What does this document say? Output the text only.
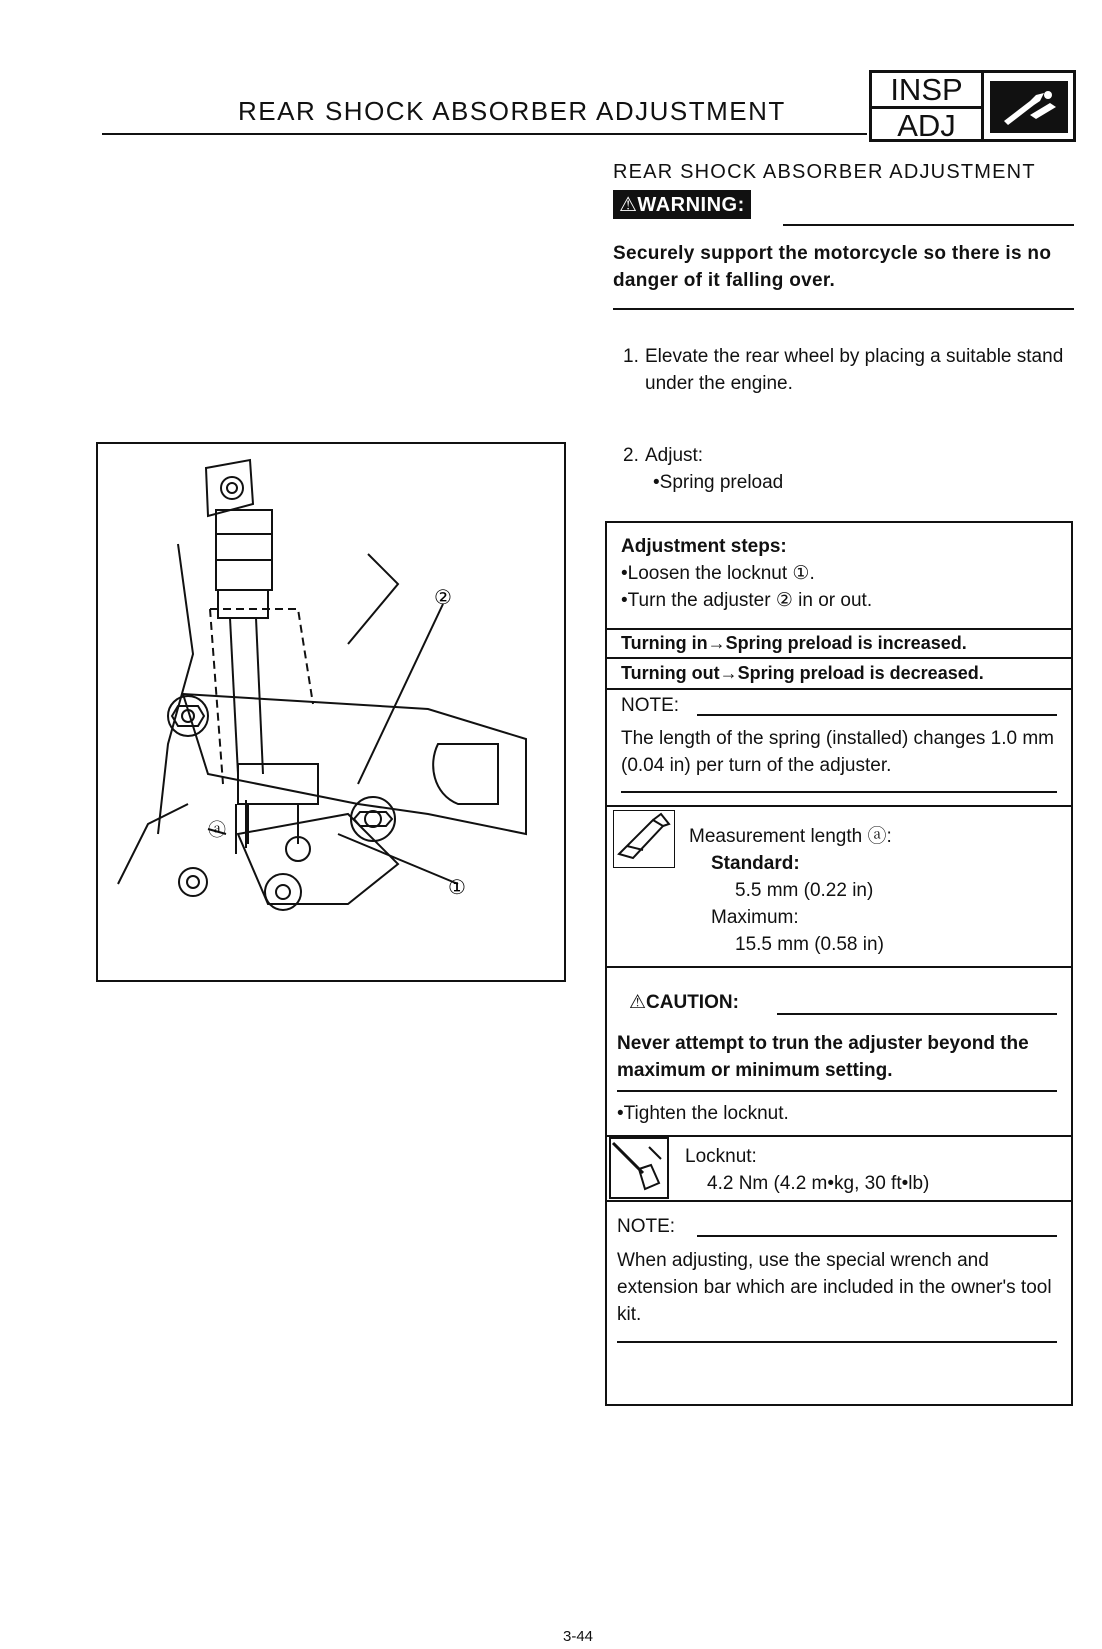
REAR SHOCK ABSORBER ADJUSTMENT
INSP
ADJ
REAR SHOCK ABSORBER ADJUSTMENT
⚠WARNING:
Securely support the motorcycle so there is no danger of it falling over.
1. Elevate the rear wheel by placing a suitable stand under the engine.
2. Adjust:
•Spring preload
②
①
ⓐ
Adjustment steps:
•Loosen the locknut ①.
•Turn the adjuster ② in or out.
Turning in→Spring preload is increased.
Turning out→Spring preload is decreased.
NOTE:
The length of the spring (installed) changes 1.0 mm (0.04 in) per turn of the adjuster.
Measurement length ⓐ:
Standard:
5.5 mm (0.22 in)
Maximum:
15.5 mm (0.58 in)
⚠CAUTION:
Never attempt to trun the adjuster beyond the maximum or minimum setting.
•Tighten the locknut.
Locknut:
4.2 Nm (4.2 m•kg, 30 ft•lb)
NOTE:
When adjusting, use the special wrench and extension bar which are included in the owner's tool kit.
3-44
